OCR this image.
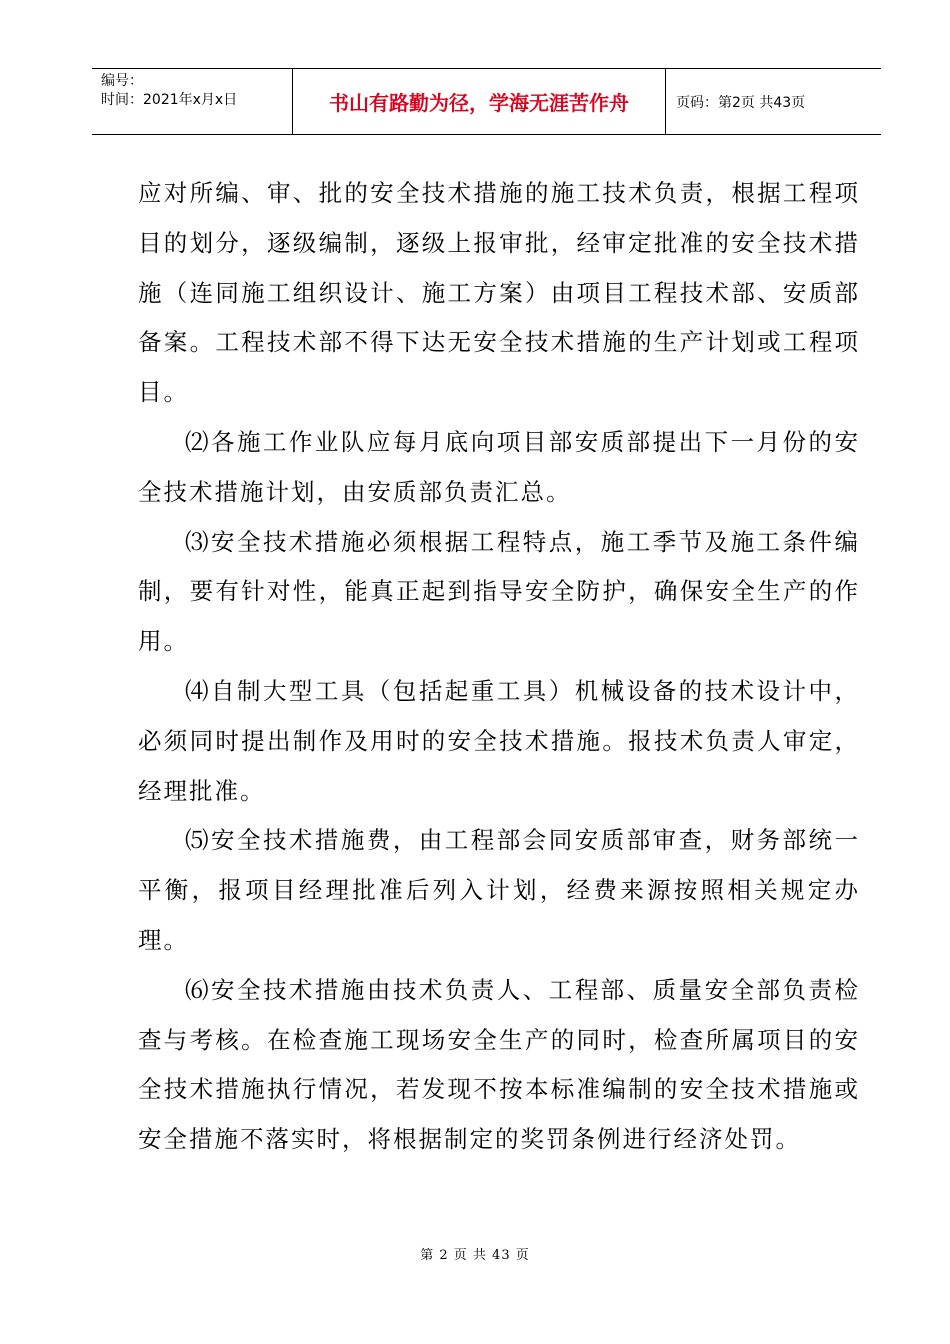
编号：
时间：2021年x月x日	书山有路勤为径，学海无涯苦作舟	页码：第2页 共43页

应对所编、审、批的安全技术措施的施工技术负责，根据工程项目的划分，逐级编制，逐级上报审批，经审定批准的安全技术措施（连同施工组织设计、施工方案）由项目工程技术部、安质部备案。工程技术部不得下达无安全技术措施的生产计划或工程项目。

⑵各施工作业队应每月底向项目部安质部提出下一月份的安全技术措施计划，由安质部负责汇总。

⑶安全技术措施必须根据工程特点，施工季节及施工条件编制，要有针对性，能真正起到指导安全防护，确保安全生产的作用。

⑷自制大型工具（包括起重工具）机械设备的技术设计中，必须同时提出制作及用时的安全技术措施。报技术负责人审定，经理批准。

⑸安全技术措施费，由工程部会同安质部审查，财务部统一平衡，报项目经理批准后列入计划，经费来源按照相关规定办理。

⑹安全技术措施由技术负责人、工程部、质量安全部负责检查与考核。在检查施工现场安全生产的同时，检查所属项目的安全技术措施执行情况，若发现不按本标准编制的安全技术措施或安全措施不落实时，将根据制定的奖罚条例进行经济处罚。

第 2 页 共 43 页
